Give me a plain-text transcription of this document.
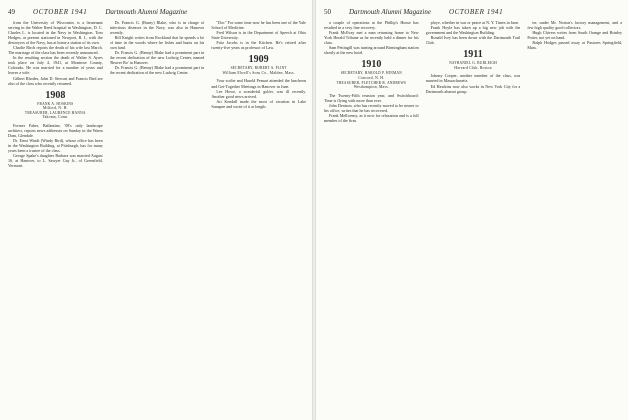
49	OCTOBER 1941	Dartmouth Alumni Magazine

from the University of Wisconsin, is a lieutenant serving in the Walter Reed hospital in Washington, D. C. Charles L. is located in the Navy in Washington. Tom Hodges, at present stationed in Newport, R. I., with the destroyers of the Navy, has at home a station of its own.

Charlie Birch reports the death of his wife last March. The marriage of the class has been recently announced.

In the resulting section the death of Walter S. Ayres took place on July 4, 1941, at Montrose County, Colorado. He was married for a number of years and leaves a wife.

Gilbert Rhodes, John D. Stewart and Francis Bird are also of the class who recently returned.

1908
FRANK A. HOSKINS
Milford, N. H.
TREASURER, LAURENCE HANNA
Takoma, Conn.

Former Faber, Ballantine, '08's only landscape architect, reports news addresses on Sunday in the Warm Dam, Glendale.

Dr. Ernst Windt (Windy Bird), whose office has been in the Washington Building, at Pittsburgh, has for many years been a trustee of the class.

George Spake's daughter Barbara was married August 16, at Hanover, to L. Sawyer Gay Jr., of Greenfield, Vermont.

Dr. Francis G. (Bunty) Blake, who is in charge of infectious diseases in the Navy, was also in Hanover recently.

Bill Knight writes from Rockland that he spends a lot of time in the woods where he fishes and hunts on his own land.

Dr. Francis G. (Benny) Blake had a prominent part in the recent dedication of the new Ludwig Center, named 'Beaver Bo' in Hanover.

Dr. Francis G. (Benny) Blake had a prominent part in the recent dedication of the new Ludwig Center.

"Doc" For some time now he has been one of the Yale School of Medicine.

Fred Wilson is in the Department of Speech at Ohio State University.

Fritz Jacobs is in the Kitchen. He's retired after twenty-five years as professor of Law.

1909
SECRETARY, ROBERT A. FLINT
William Elwell's Sons Co., Malden, Mass.

Your scribe and Harold Pemart attended the luncheon and Get-Together Meetings in Hanover in June.

Lee Howe, a wonderful golfer, was ill recently. Another good news arrived.

Art Kendall made the most of vacation in Lake Sunapee and wrote of it at length.

50	Dartmouth Alumni Magazine	OCTOBER 1941

a couple of operations at the Phillip's House has resulted in a very fine recovery.

Frank McIlvay met a man returning home to New York Herald Tribune as he recently held a dinner for his class.

Sam Pettingill was turning around Birmingham station shortly at the new hotel.

1910
SECRETARY, HAROLD P. HINMAN
Concord, N. H.
TREASURER, FLETCHER R. ANDREWS
Westhampton, Mass.

The Twenty-Fifth reunion year, and Switchboard: Time is flying with more than ever.

John Denison, who has recently moved to be nearer to his office, writes that he has recovered.

Frank Mellicemy, as it now for relaxation and is a full member of the firm.

ploye, whether in war or peace at N. Y. Times in June.

Frank Hoyle has taken up a big new job with the government and the Washington Building.

Ronald Ivey has been down with the Dartmouth Trail Club.

1911
NATHANIEL G. BURLEIGH
Harvard Club, Boston

Johnny Cooper, another member of the class, was married in Massachusetts.

Ed Hawkins now also works in New York City for a Dartmouth alumni group.

ter, under Mr. Norton's factory management, and a few high quality good collectors.

Hugh Chivers writes from South Orange and Brinley Potter, not yet on hand.

Ralph Hodges passed away at Pastores Springfield, Mass.
